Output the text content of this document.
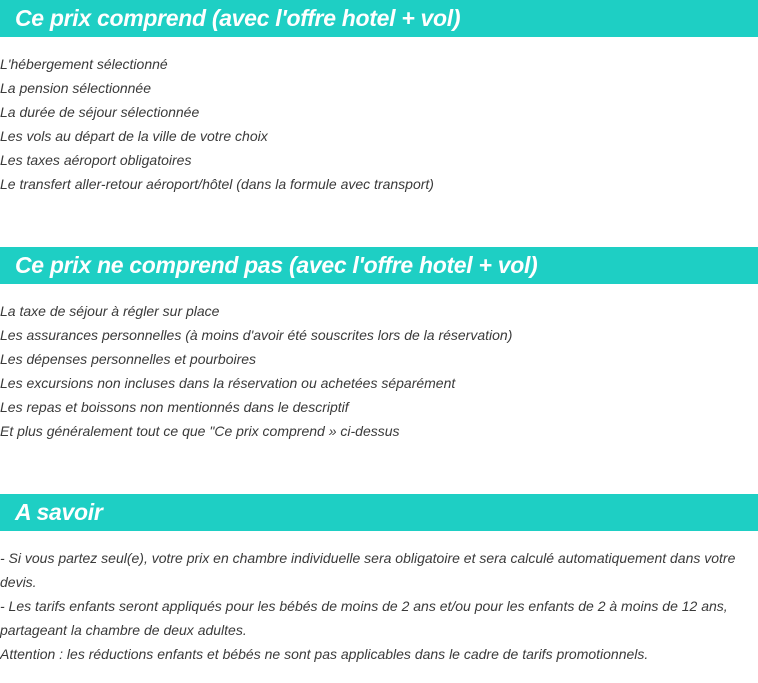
Ce prix comprend (avec l'offre hotel + vol)
L'hébergement sélectionné
La pension sélectionnée
La durée de séjour sélectionnée
Les vols au départ de la ville de votre choix
Les taxes aéroport obligatoires
Le transfert aller-retour aéroport/hôtel (dans la formule avec transport)
Ce prix ne comprend pas (avec l'offre hotel + vol)
La taxe de séjour à régler sur place
Les assurances personnelles (à moins d'avoir été souscrites lors de la réservation)
Les dépenses personnelles et pourboires
Les excursions non incluses dans la réservation ou achetées séparément
Les repas et boissons non mentionnés dans le descriptif
Et plus généralement tout ce que "Ce prix comprend » ci-dessus
A savoir

- Si vous partez seul(e), votre prix en chambre individuelle sera obligatoire et sera calculé automatiquement dans votre devis.
- Les tarifs enfants seront appliqués pour les bébés de moins de 2 ans et/ou pour les enfants de 2 à moins de 12 ans, partageant la chambre de deux adultes.
Attention : les réductions enfants et bébés ne sont pas applicables dans le cadre de tarifs promotionnels.
